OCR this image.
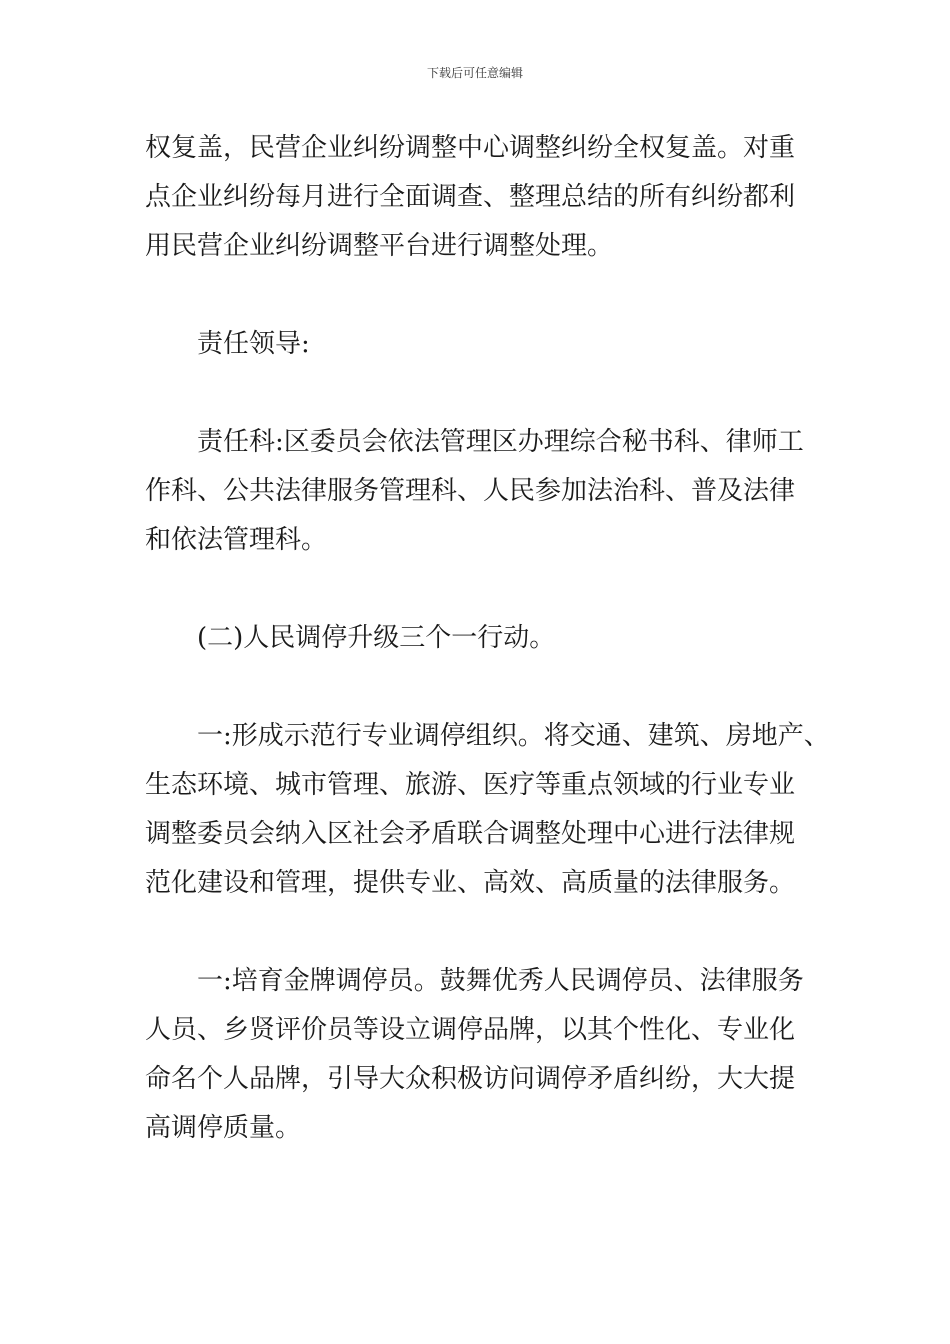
下载后可任意编辑
权复盖，民营企业纠纷调整中心调整纠纷全权复盖。对重
点企业纠纷每月进行全面调查、整理总结的所有纠纷都利
用民营企业纠纷调整平台进行调整处理。
责任领导:
责任科:区委员会依法管理区办理综合秘书科、律师工
作科、公共法律服务管理科、人民参加法治科、普及法律
和依法管理科。
(二)人民调停升级三个一行动。
一:形成示范行专业调停组织。将交通、建筑、房地产、
生态环境、城市管理、旅游、医疗等重点领域的行业专业
调整委员会纳入区社会矛盾联合调整处理中心进行法律规
范化建设和管理，提供专业、高效、高质量的法律服务。
一:培育金牌调停员。鼓舞优秀人民调停员、法律服务
人员、乡贤评价员等设立调停品牌，以其个性化、专业化
命名个人品牌，引导大众积极访问调停矛盾纠纷，大大提
高调停质量。
